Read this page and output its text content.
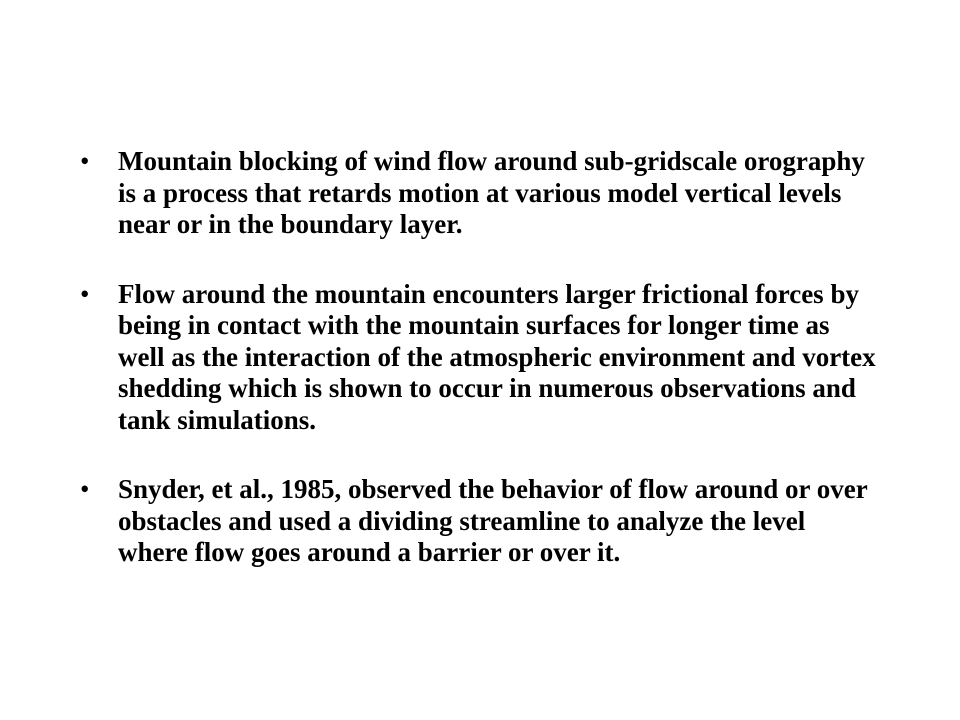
• Mountain blocking of wind flow around sub-gridscale orography is a process that retards motion at various model vertical levels near or in the boundary layer.
• Flow around the mountain encounters larger frictional forces by being in contact with the mountain surfaces for longer time as well as the interaction of the atmospheric environment and vortex shedding which is shown to occur in numerous observations and tank simulations.
• Snyder, et al., 1985, observed the behavior of flow around or over obstacles and used a dividing streamline to analyze the level where flow goes around a barrier or over it.
